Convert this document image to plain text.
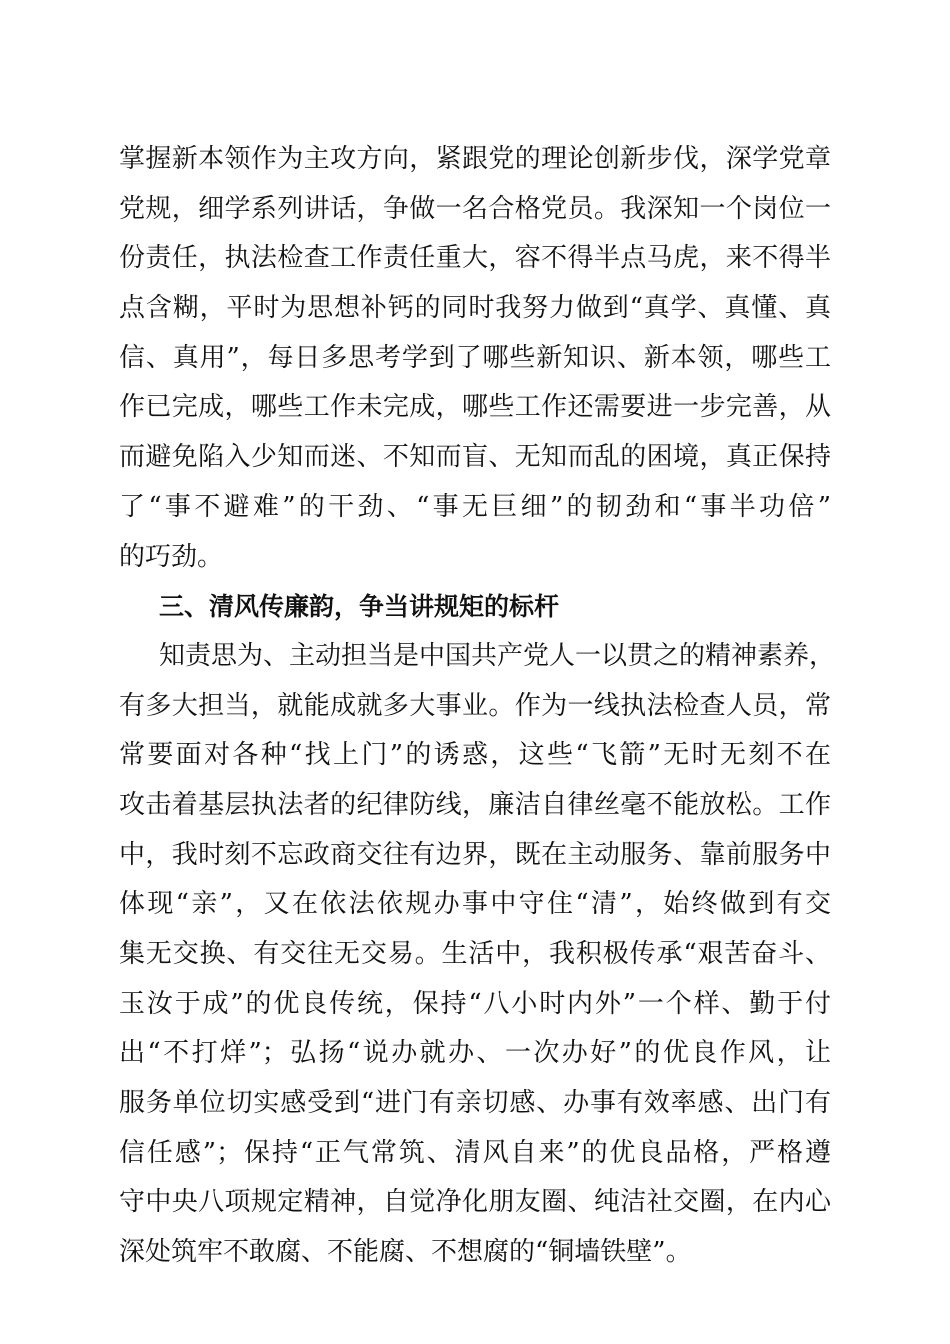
掌握新本领作为主攻方向，紧跟党的理论创新步伐，深学党章
党规，细学系列讲话，争做一名合格党员。我深知一个岗位一
份责任，执法检查工作责任重大，容不得半点马虎，来不得半
点含糊，平时为思想补钙的同时我努力做到“真学、真懂、真
信、真用”，每日多思考学到了哪些新知识、新本领，哪些工
作已完成，哪些工作未完成，哪些工作还需要进一步完善，从
而避免陷入少知而迷、不知而盲、无知而乱的困境，真正保持
了“事不避难”的干劲、“事无巨细”的韧劲和“事半功倍”
的巧劲。
三、清风传廉韵，争当讲规矩的标杆
知责思为、主动担当是中国共产党人一以贯之的精神素养，
有多大担当，就能成就多大事业。作为一线执法检查人员，常
常要面对各种“找上门”的诱惑，这些“飞箭”无时无刻不在
攻击着基层执法者的纪律防线，廉洁自律丝毫不能放松。工作
中，我时刻不忘政商交往有边界，既在主动服务、靠前服务中
体现“亲”，又在依法依规办事中守住“清”，始终做到有交
集无交换、有交往无交易。生活中，我积极传承“艰苦奋斗、
玉汝于成”的优良传统，保持“八小时内外”一个样、勤于付
出“不打烊”；弘扬“说办就办、一次办好”的优良作风，让
服务单位切实感受到“进门有亲切感、办事有效率感、出门有
信任感”；保持“正气常筑、清风自来”的优良品格，严格遵
守中央八项规定精神，自觉净化朋友圈、纯洁社交圈，在内心
深处筑牢不敢腐、不能腐、不想腐的“铜墙铁壁”。
